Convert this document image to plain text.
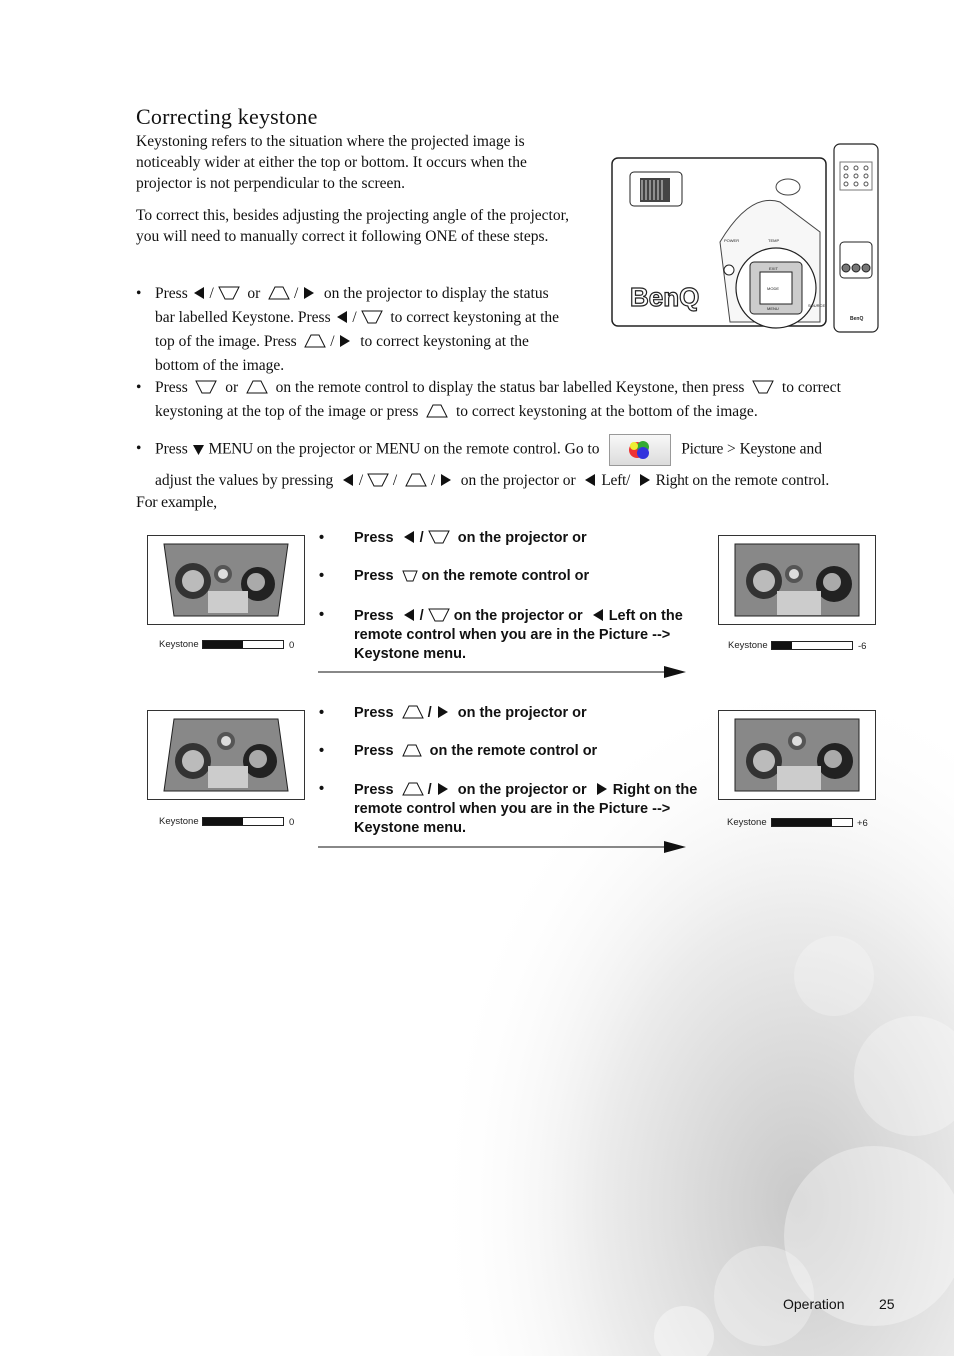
Correcting keystone

Keystoning refers to the situation where the projected image is noticeably wider at either the top or bottom. It occurs when the projector is not perpendicular to the screen.

To correct this, besides adjusting the projecting angle of the projector, you will need to manually correct it following ONE of these steps.

BenQ
POWER	TEMP
EXIT
MODE
MENU
SOURCE
BenQ
• Press / or / on the projector to display the status
bar labelled Keystone. Press / to correct keystoning at the
top of the image. Press / to correct keystoning at the
bottom of the image.
• Press or on the remote control to display the status bar labelled Keystone, then press to correct
keystoning at the top of the image or press to correct keystoning at the bottom of the image.
• Press MENU on the projector or MENU on the remote control. Go to	Picture > Keystone and
adjust the values by pressing   /  /   /   on the projector or Left/ Right on the remote control.
For example,
Keystone	0
• Press / on the projector or
• Press on the remote control or
• Press / on the projector or Left on the
remote control when you are in the Picture -->
Keystone menu.
Keystone	-6
Keystone	0
• Press / on the projector or
• Press on the remote control or
• Press / on the projector or Right on the
remote control when you are in the Picture -->
Keystone menu.	Keystone	+6
Operation 25
